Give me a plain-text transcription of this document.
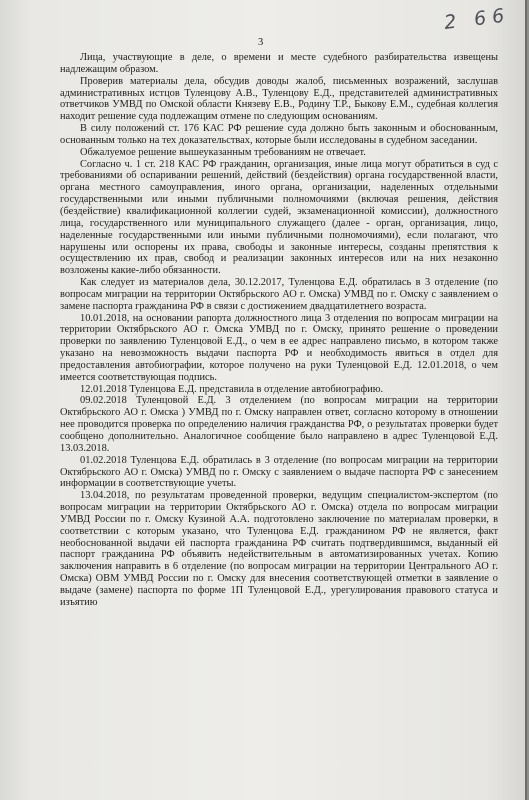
2 66
3

Лица, участвующие в деле, о времени и месте судебного разбирательства извещены надлежащим образом.

Проверив материалы дела, обсудив доводы жалоб, письменных возражений, заслушав административных истцов Туленцову А.В., Туленцову Е.Д., представителей административных ответчиков УМВД по Омской области Князеву Е.В., Родину Т.Р., Быкову Е.М., судебная коллегия находит решение суда подлежащим отмене по следующим основаниям.

В силу положений ст. 176 КАС РФ решение суда должно быть законным и обоснованным, основанным только на тех доказательствах, которые были исследованы в судебном заседании.

Обжалуемое решение вышеуказанным требованиям не отвечает.

Согласно ч. 1 ст. 218 КАС РФ гражданин, организация, иные лица могут обратиться в суд с требованиями об оспаривании решений, действий (бездействия) органа государственной власти, органа местного самоуправления, иного органа, организации, наделенных отдельными государственными или иными публичными полномочиями (включая решения, действия (бездействие) квалификационной коллегии судей, экзаменационной комиссии), должностного лица, государственного или муниципального служащего (далее - орган, организация, лицо, наделенные государственными или иными публичными полномочиями), если полагают, что нарушены или оспорены их права, свободы и законные интересы, созданы препятствия к осуществлению их прав, свобод и реализации законных интересов или на них незаконно возложены какие-либо обязанности.

Как следует из материалов дела, 30.12.2017, Туленцова Е.Д. обратилась в 3 отделение (по вопросам миграции на территории Октябрьского АО г. Омска) УМВД по г. Омску с заявлением о замене паспорта гражданина РФ в связи с достижением двадцатилетнего возраста.

10.01.2018, на основании рапорта должностного лица 3 отделения по вопросам миграции на территории Октябрьского АО г. Омска УМВД по г. Омску, принято решение о проведении проверки по заявлению Туленцовой Е.Д., о чем в ее адрес направлено письмо, в котором также указано на невозможность выдачи паспорта РФ и необходимость явиться в отдел для предоставления автобиографии, которое получено на руки Туленцовой Е.Д. 12.01.2018, о чем имеется соответствующая подпись.

12.01.2018 Туленцова Е.Д. представила в отделение автобиографию.

09.02.2018 Туленцовой Е.Д. 3 отделением (по вопросам миграции на территории Октябрьского АО г. Омска ) УМВД по г. Омску направлен ответ, согласно которому в отношении нее проводится проверка по определению наличия гражданства РФ, о результатах проверки будет сообщено дополнительно. Аналогичное сообщение было направлено в адрес Туленцовой Е.Д. 13.03.2018.

01.02.2018 Туленцова Е.Д. обратилась в 3 отделение (по вопросам миграции на территории Октябрьского АО г. Омска) УМВД по г. Омску с заявлением о выдаче паспорта РФ с занесением информации в соответствующие учеты.

13.04.2018, по результатам проведенной проверки, ведущим специалистом-экспертом (по вопросам миграции на территории Октябрьского АО г. Омска) отдела по вопросам миграции УМВД России по г. Омску Кузиной А.А. подготовлено заключение по материалам проверки, в соответствии с которым указано, что Туленцова Е.Д. гражданином РФ не является, факт необоснованной выдачи ей паспорта гражданина РФ считать подтвердившимся, выданный ей паспорт гражданина РФ объявить недействительным в автоматизированных учетах. Копию заключения направить в 6 отделение (по вопросам миграции на территории Центрального АО г. Омска) ОВМ УМВД России по г. Омску для внесения соответствующей отметки в заявление о выдаче (замене) паспорта по форме 1П Туленцовой Е.Д., урегулирования правового статуса и изъятию
